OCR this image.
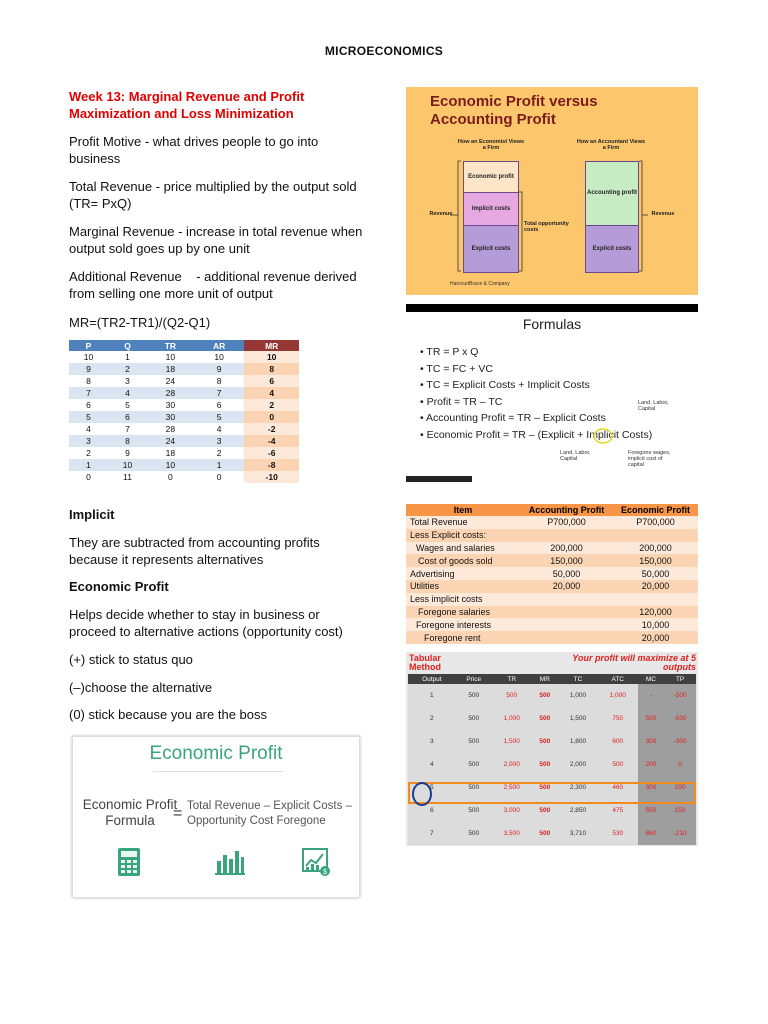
MICROECONOMICS
Week 13: Marginal Revenue and Profit Maximization and Loss Minimization
Profit Motive - what drives people to go into business
Total Revenue - price multiplied by the output sold (TR= PxQ)
Marginal Revenue - increase in total revenue when output sold goes up by one unit
Additional Revenue    - additional revenue derived from selling one more unit of output
MR=(TR2-TR1)/(Q2-Q1)
P	Q	TR	AR	MR
10	1	10	10	10
9	2	18	9	8
8	3	24	8	6
7	4	28	7	4
6	5	30	6	2
5	6	30	5	0
4	7	28	4	-2
3	8	24	3	-4
2	9	18	2	-6
1	10	10	1	-8
0	11	0	0	-10
Implicit
They are subtracted from accounting profits because it represents alternatives
Economic Profit
Helps decide whether to stay in business or proceed to alternative actions (opportunity cost)
(+) stick to status quo
(–)choose the alternative
(0) stick because you are the boss
Economic Profit
Economic Profit Formula	= Total Revenue – Explicit Costs – Opportunity Cost Foregone
$
Economic Profit versus
Accounting Profit
How an Economist Views a Firm
How an Accountant Views a Firm
Economic profit
Implicit costs
Explicit costs
Accounting profit
Explicit costs
Revenue	Revenue
Total opportunity costs
HarcourtBrace & Company
Formulas
• TR = P x Q
• TC = FC + VC
• TC = Explicit Costs + Implicit Costs
• Profit = TR – TC
• Accounting Profit = TR – Explicit Costs
• Economic Profit = TR – (Explicit + Implicit Costs)
Land, Labor, Capital
Land, Labor, Capital
Foregone wages, implicit cost of capital
Item	Accounting Profit	Economic Profit
Total Revenue	P700,000	P700,000
Less Explicit costs:		
Wages and salaries	200,000	200,000
Cost of goods sold	150,000	150,000
Advertising	50,000	50,000
Utilities	20,000	20,000
Less implicit costs		
Foregone salaries		120,000
Foregone interests		10,000
Foregone rent		20,000
Tabular Method
Your profit will maximize at 5 outputs
Output	Price	TR	MR	TC	ATC	MC	TP
1	500	500	500	1,000	1,000	-	-500
2	500	1,000	500	1,500	750	500	-500
3	500	1,500	500	1,800	600	300	-300
4	500	2,000	500	2,000	500	200	0
5	500	2,500	500	2,300	460	300	200
6	500	3,000	500	2,850	475	550	150
7	500	3,500	500	3,710	530	860	-210
